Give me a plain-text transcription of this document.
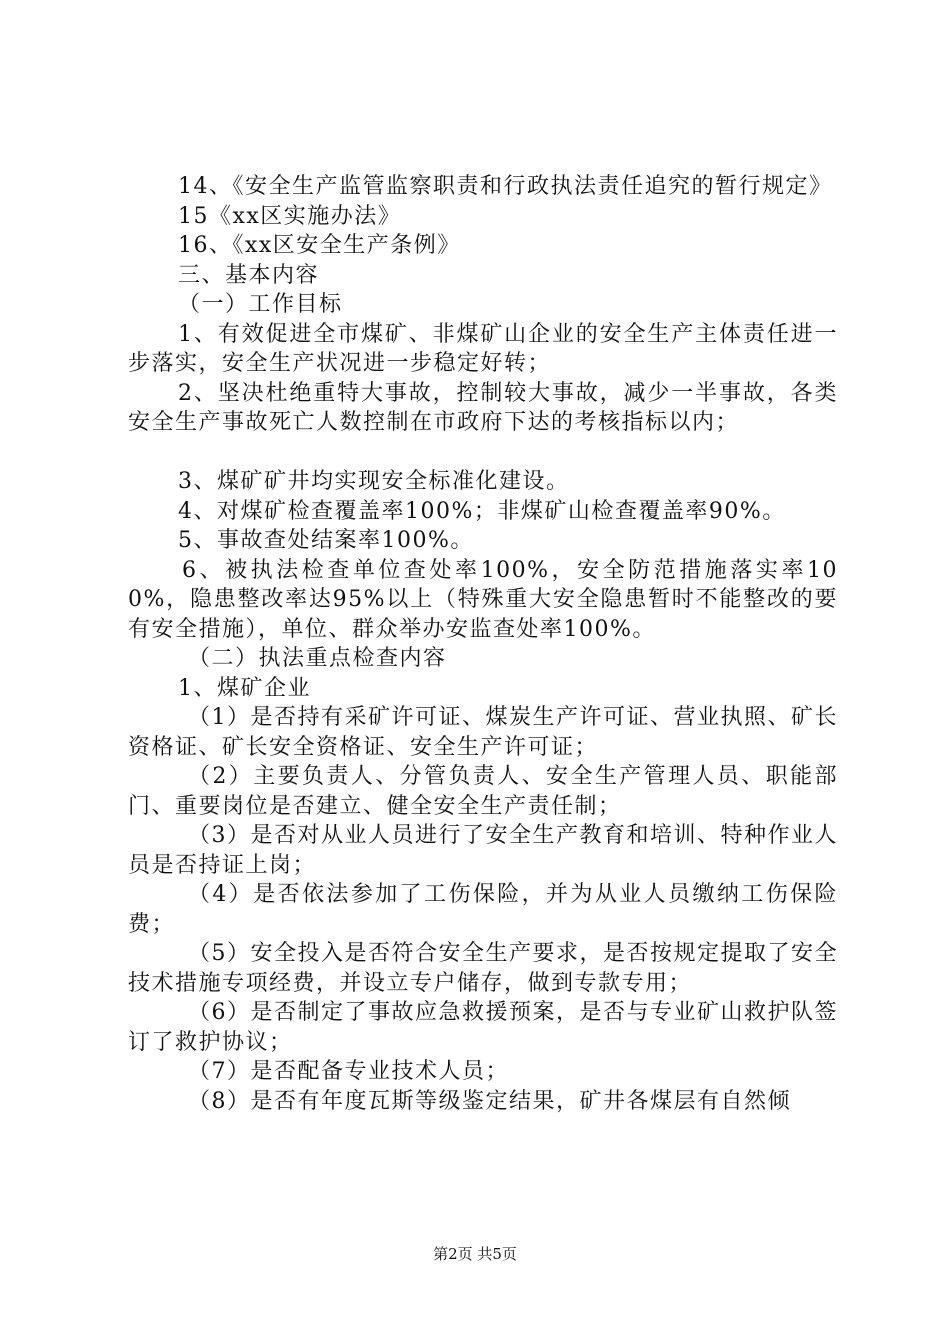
14、《安全生产监管监察职责和行政执法责任追究的暂行规定》

15《xx区实施办法》

16、《xx区安全生产条例》

三、基本内容

（一）工作目标

1、有效促进全市煤矿、非煤矿山企业的安全生产主体责任进一步落实，安全生产状况进一步稳定好转；

2、坚决杜绝重特大事故，控制较大事故，减少一半事故，各类安全生产事故死亡人数控制在市政府下达的考核指标以内；

3、煤矿矿井均实现安全标准化建设。

4、对煤矿检查覆盖率100%；非煤矿山检查覆盖率90%。

5、事故查处结案率100%。

6、被执法检查单位查处率100%，安全防范措施落实率100%，隐患整改率达95%以上（特殊重大安全隐患暂时不能整改的要有安全措施），单位、群众举办安监查处率100%。

（二）执法重点检查内容

1、煤矿企业

（1）是否持有采矿许可证、煤炭生产许可证、营业执照、矿长资格证、矿长安全资格证、安全生产许可证；

（2）主要负责人、分管负责人、安全生产管理人员、职能部门、重要岗位是否建立、健全安全生产责任制；

（3）是否对从业人员进行了安全生产教育和培训、特种作业人员是否持证上岗；

（4）是否依法参加了工伤保险，并为从业人员缴纳工伤保险费；

（5）安全投入是否符合安全生产要求，是否按规定提取了安全技术措施专项经费，并设立专户储存，做到专款专用；

（6）是否制定了事故应急救援预案，是否与专业矿山救护队签订了救护协议；

（7）是否配备专业技术人员；

（8）是否有年度瓦斯等级鉴定结果，矿井各煤层有自然倾

第2页 共5页
